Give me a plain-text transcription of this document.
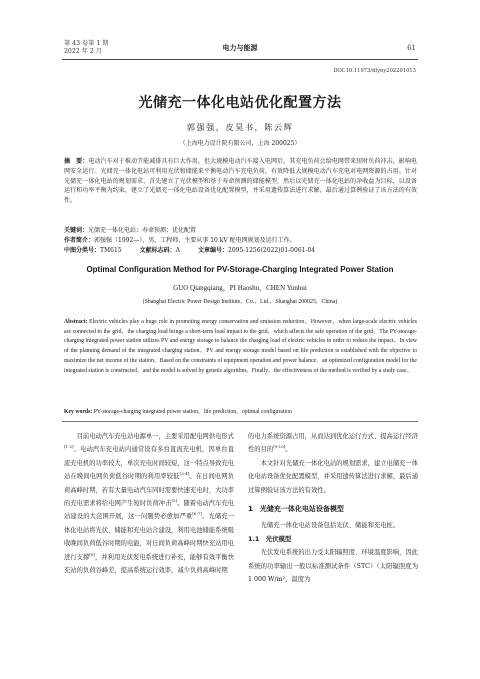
第 43 卷第 1 期
2022 年 2 月	电力与能源	61
DOI:10.11973/dlyny202201013
光储充一体化电站优化配置方法
郭强强，皮昊书，陈云辉
（上海电力设计院有限公司，上海 200025）
摘　要：电动汽车对于推动节能减排具有巨大作用，但大规模电动汽车接入电网后，其充电负荷会给电网带来短时负荷冲击，影响电网安全运行。光储充一体化电站可利用光伏和储能来平衡电动汽车充电负荷，有效降低大规模电动汽车充电对电网资源的占用。针对光储充一体化电站的规划需求，首先建立了光伏模型和基于寿命预测的储能模型，然后以光储充一体化电站的净收益为目标，以设备运行和功率平衡为约束，建立了光储充一体化电站设备优化配置模型，并采用遗传算法进行求解，最后通过算例验证了该方法的有效性。
关键词：光储充一体化电站；寿命预测；优化配置
作者简介：郭强强（1992—），男，工程师，主要从事 10 kV 配电网规划及运行工作。
中图分类号：TM615	文献标志码：A	文章编号：2095-1256(2022)01-0061-04
Optimal Configuration Method for PV-Storage-Charging Integrated Power Station
GUO Qiangqiang，PI Haoshu，CHEN Yunhui
(Shanghai Electric Power Design Institute，Co.，Ltd.，Shanghai 200025，China)
Abstract: Electric vehicles play a huge role in promoting energy conservation and emission reduction。However，when large-scale electric vehicles are connected to the grid，the charging load brings a short-term load impact to the grid，which affects the safe operation of the grid。The PV-storage-charging integrated power station utilizes PV and energy storage to balance the charging load of electric vehicles in order to reduce the impact。In view of the planning demand of the integrated charging station，PV and energy storage model based on life prediction is established with the objective to maximize the net income of the station。Based on the constraints of equipment operation and power balance，an optimized configuration model for the integrated station is constructed，and the model is solved by genetic algorithm。Finally，the effectiveness of the method is verified by a study case。
Key words: PV-storage-charging integrated power station，life prediction，optimal configuration

目前电动汽车充电站电源单一，主要采用配电网供电形式[1-2]。电动汽车充电站内通常设有多台直流充电机，因单台直流充电机的功率较大，单次充电时间较短，这一特点导致充电站在晚间电网负荷低谷时期的利用率较低[3-4]。在日间电网负荷高峰时期，若有大量电动汽车同时需要快速充电时，大功率的充电需求将给电网产生短时负荷冲击[5]。随着电动汽车充电站建设的大范围开展，这一问题势必愈加严重[6-7]。光储充一体化电站将光伏、储能和充电站合建设，利用电池储能系统吸收晚间负荷低谷时期的电能，对日间负荷高峰时期快充站用电进行支撑[8]，并利用光伏发电系统进行补充，能够有效平衡快充站的负荷谷峰差，提高系统运行效率，减少负荷高峰时期

的电力系统资源占用，从而达到优化运行方式、提高运行经济性的目的[9-10]。

本文针对光储充一体化电站的规划需求，建立电储充一体化电站设备优化配置模型，并采用遗传算法进行求解，最后通过算例验证该方法的有效性。

1　光储充一体化电站设备模型

光储充一体化电站设备包括光伏、储能和充电桩。

1.1　光伏模型

光伏发电系统的出力受太阳辐照度、环境温度影响，因此系统的功率输出一般以标准测试条件（STC）（太阳辐照度为 1 000 W/m²，温度为
